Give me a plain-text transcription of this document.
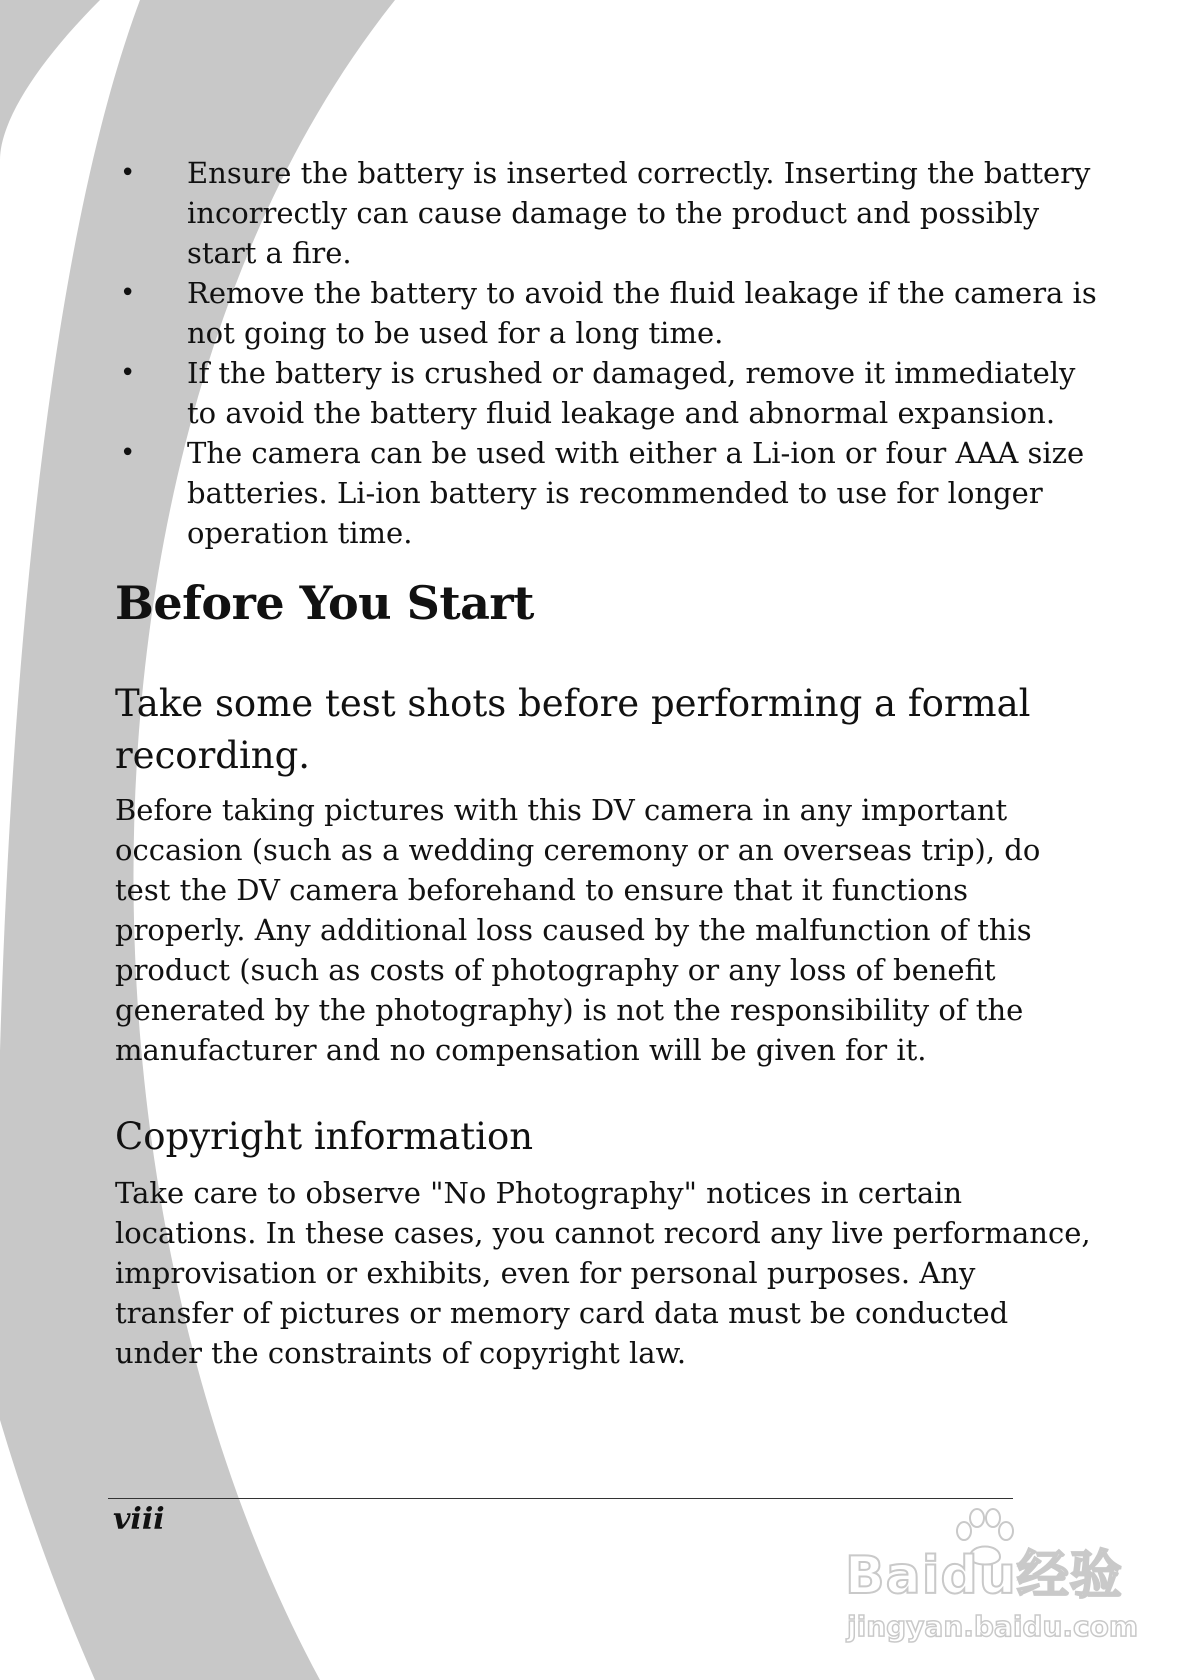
• Ensure the battery is inserted correctly. Inserting the battery incorrectly can cause damage to the product and possibly start a fire.
• Remove the battery to avoid the fluid leakage if the camera is not going to be used for a long time.
• If the battery is crushed or damaged, remove it immediately to avoid the battery fluid leakage and abnormal expansion.
• The camera can be used with either a Li-ion or four AAA size batteries. Li-ion battery is recommended to use for longer operation time.
Before You Start
Take some test shots before performing a formal recording.

Before taking pictures with this DV camera in any important occasion (such as a wedding ceremony or an overseas trip), do test the DV camera beforehand to ensure that it functions properly. Any additional loss caused by the malfunction of this product (such as costs of photography or any loss of benefit generated by the photography) is not the responsibility of the manufacturer and no compensation will be given for it.

Copyright information

Take care to observe "No Photography" notices in certain locations. In these cases, you cannot record any live performance, improvisation or exhibits, even for personal purposes. Any transfer of pictures or memory card data must be conducted under the constraints of copyright law.

viii
Baidu经验
jingyan.baidu.com
